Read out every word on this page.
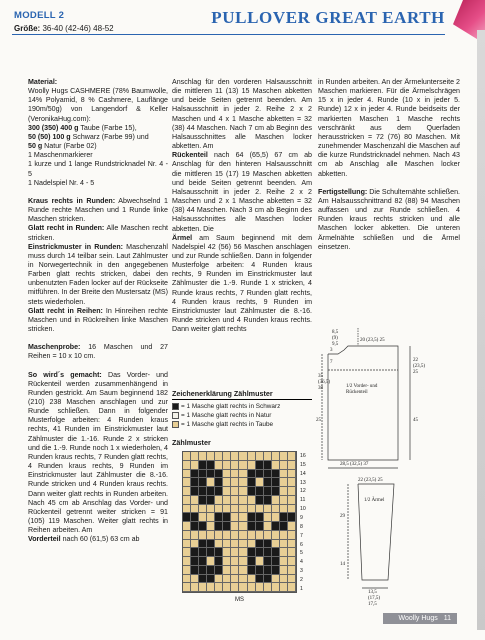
MODELL 2
Größe: 36-40 (42-46) 48-52
PULLOVER GREAT EARTH

Material:

Woolly Hugs CASHMERE (78% Baumwolle, 14% Polyamid, 8 % Cashmere, Lauflänge 190m/50g) von Langendorf & Keller (VeronikaHug.com):

300 (350) 400 g Taube (Farbe 15),

50 (50) 100 g Schwarz (Farbe 99) und

50 g Natur (Farbe 02)

1 Maschenmarkierer

1 kurze und 1 lange Rundstricknadel Nr. 4 - 5

1 Nadelspiel Nr. 4 - 5

Kraus rechts in Runden: Abwechselnd 1 Runde rechte Maschen und 1 Runde linke Maschen stricken.

Glatt recht in Runden: Alle Maschen recht stricken.

Einstrickmuster in Runden: Maschenzahl muss durch 14 teilbar sein. Laut Zählmuster in Norwegertechnik in den angegebenen Farben glatt rechts stricken, dabei den unbenutzten Faden locker auf der Rückseite mitführen. In der Breite den Mustersatz (MS) stets wiederholen.

Glatt recht in Reihen: In Hinreihen rechte Maschen und in Rückreihen linke Maschen stricken.

Maschenprobe: 16 Maschen und 27 Reihen = 10 x 10 cm.

So wird´s gemacht: Das Vorder- und Rückenteil werden zusammenhängend in Runden gestrickt. Am Saum beginnend 182 (210) 238 Maschen anschlagen und zur Runde schließen. Dann in folgender Musterfolge arbeiten: 4 Runden kraus rechts, 41 Runden im Einstrickmuster laut Zählmuster die 1.-16. Runde 2 x stricken und die 1.-9. Runde noch 1 x wiederholen, 4 Runden kraus rechts, 7 Runden glatt rechts, 4 Runden kraus rechts, 9 Runden im Einstrickmuster laut Zählmuster die 8.-16. Runde stricken und 4 Runden kraus rechts. Dann weiter glatt rechts in Runden arbeiten. Nach 45 cm ab Anschlag das Vorder- und Rückenteil getrennt weiter stricken = 91 (105) 119 Maschen. Weiter glatt rechts in Reihen arbeiten. Am

Vorderteil nach 60 (61,5) 63 cm ab

Anschlag für den vorderen Halsausschnitt die mittleren 11 (13) 15 Maschen abketten und beide Seiten getrennt beenden. Am Halsausschnitt in jeder 2. Reihe 2 x 2 Maschen und 4 x 1 Masche abketten = 32 (38) 44 Maschen. Nach 7 cm ab Beginn des Halsausschnittes alle Maschen locker abketten. Am

Rückenteil nach 64 (65,5) 67 cm ab Anschlag für den hinteren Halsausschnitt die mittleren 15 (17) 19 Maschen abketten und beide Seiten getrennt beenden. Am Halsausschnitt in jeder 2. Reihe 2 x 2 Maschen und 2 x 1 Masche abketten = 32 (38) 44 Maschen. Nach 3 cm ab Beginn des Halsausschnittes alle Maschen locker abketten. Die

Ärmel am Saum beginnend mit dem Nadelspiel 42 (56) 56 Maschen anschlagen und zur Runde schließen. Dann in folgender Musterfolge arbeiten: 4 Runden kraus rechts, 9 Runden im Einstrickmuster laut Zählmuster die 1.-9. Runde 1 x stricken, 4 Runde kraus rechts, 7 Runden glatt rechts, 4 Runden kraus rechts, 9 Runden im Einstrickmuster laut Zählmuster die 8.-16. Runde stricken und 4 Runden kraus rechts. Dann weiter glatt rechts

in Runden arbeiten. An der Ärmelunterseite 2 Maschen markieren. Für die Ärmelschrägen 15 x in jeder 4. Runde (10 x in jeder 5. Runde) 12 x in jeder 4. Runde beidseits der markierten Maschen 1 Masche rechts verschränkt aus dem Querfaden herausstricken = 72 (76) 80 Maschen. Mit zunehmender Maschenzahl die Maschen auf die kurze Rundstricknadel nehmen. Nach 43 cm ab Anschlag alle Maschen locker abketten.

Fertigstellung: Die Schulternähte schließen. Am Halsausschnittrand 82 (88) 94 Maschen auffassen und zur Runde schließen. 4 Runden kraus rechts stricken und alle Maschen locker abketten. Die unteren Ärmelnähte schließen und die Ärmel einsetzen.

Zeichenerklärung Zählmuster
= 1 Masche glatt rechts in Schwarz
= 1 Masche glatt rechts in Natur
= 1 Masche glatt rechts in Taube
Zählmuster
16
15
14
13
12
11
10
9
8
7
6
5
4
3
2
1
MS
8,5
(9)
9,5
20 (23,5) 25
3
7	22
(23,5)
25
35
(36,5)
38	1/2 Vorder- und
Rückenteil
45
25
28,5 (32,5) 37
22 (23,5) 25
1/2 Ärmel
29
14
13,5
(17,5)
17,5
Woolly Hugs 11
